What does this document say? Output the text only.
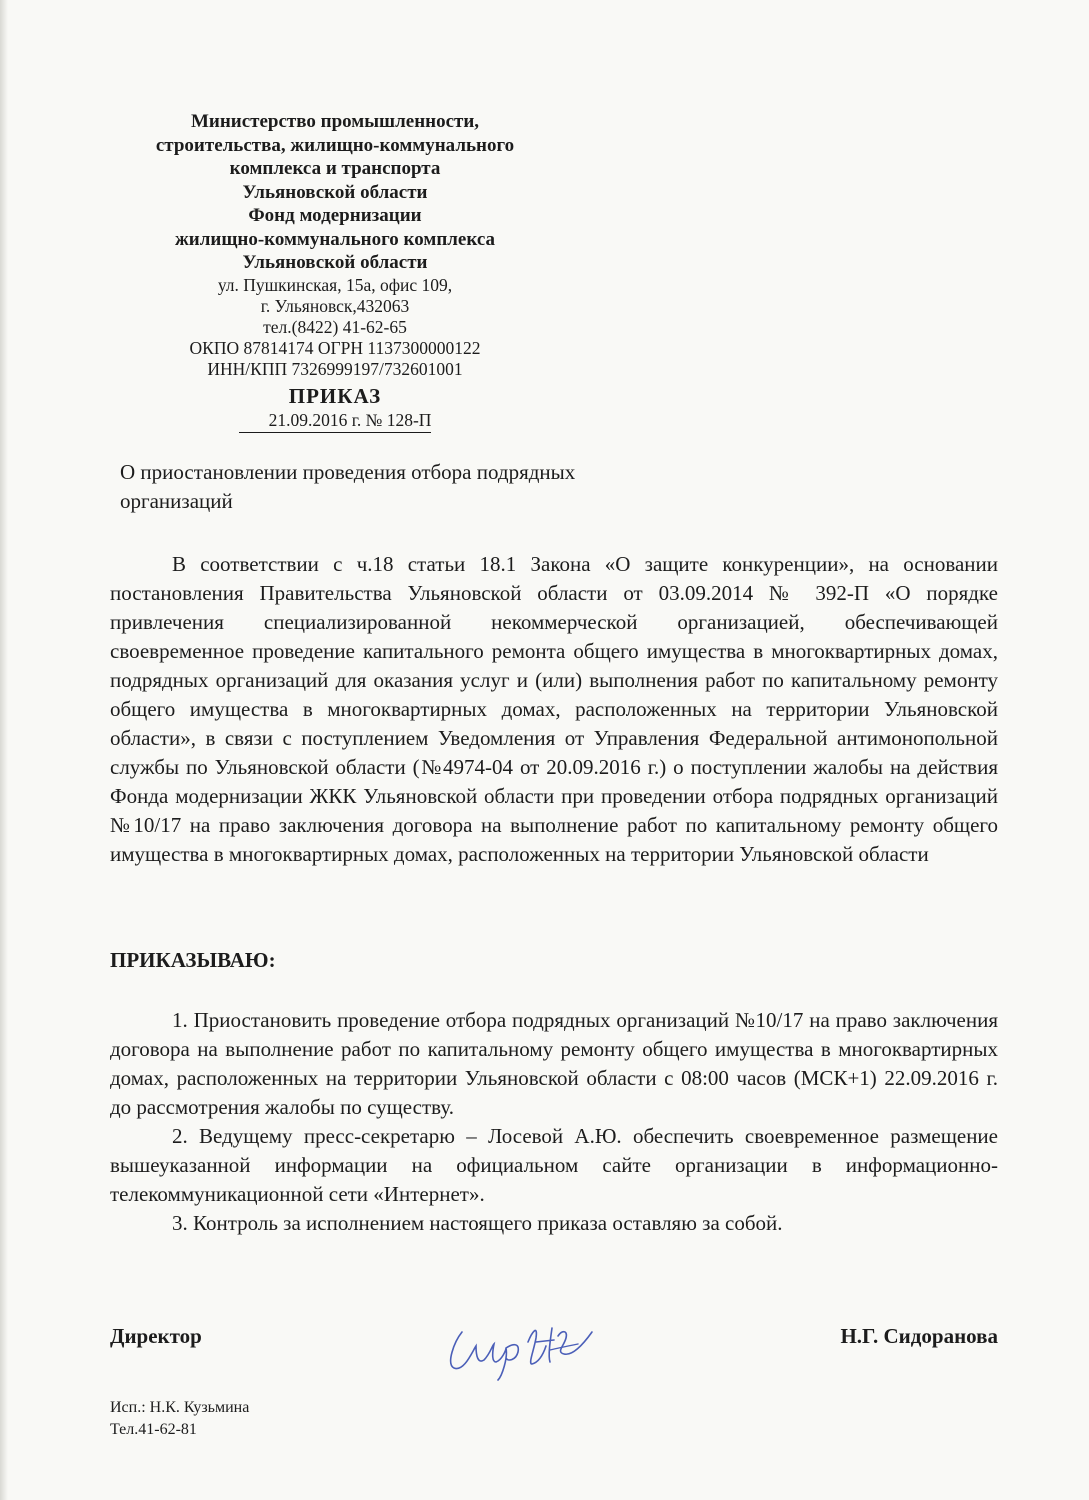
Министерство промышленности,

строительства, жилищно-коммунального

комплекса и транспорта

Ульяновской области

Фонд модернизации

жилищно-коммунального комплекса

Ульяновской области

ул. Пушкинская, 15а, офис 109,

г. Ульяновск,432063

тел.(8422) 41-62-65

ОКПО 87814174 ОГРН 1137300000122

ИНН/КПП 7326999197/732601001

ПРИКАЗ

21.09.2016 г. № 128-П

О приостановлении проведения отбора подрядных организаций

В соответствии с ч.18 статьи 18.1 Закона «О защите конкуренции», на основании постановления Правительства Ульяновской области от 03.09.2014 № 392-П «О порядке привлечения специализированной некоммерческой организацией, обеспечивающей своевременное проведение капитального ремонта общего имущества в многоквартирных домах, подрядных организаций для оказания услуг и (или) выполнения работ по капитальному ремонту общего имущества в многоквартирных домах, расположенных на территории Ульяновской области», в связи с поступлением Уведомления от Управления Федеральной антимонопольной службы по Ульяновской области (№4974-04 от 20.09.2016 г.) о поступлении жалобы на действия Фонда модернизации ЖКК Ульяновской области при проведении отбора подрядных организаций №10/17 на право заключения договора на выполнение работ по капитальному ремонту общего имущества в многоквартирных домах, расположенных на территории Ульяновской области

ПРИКАЗЫВАЮ:

1. Приостановить проведение отбора подрядных организаций №10/17 на право заключения договора на выполнение работ по капитальному ремонту общего имущества в многоквартирных домах, расположенных на территории Ульяновской области с 08:00 часов (МСК+1) 22.09.2016 г. до рассмотрения жалобы по существу.
2. Ведущему пресс-секретарю – Лосевой А.Ю. обеспечить своевременное размещение вышеуказанной информации на официальном сайте организации в информационно-телекоммуникационной сети «Интернет».
3. Контроль за исполнением настоящего приказа оставляю за собой.
Директор	Н.Г. Сидоранова
Исп.: Н.К. Кузьмина
Тел.41-62-81
